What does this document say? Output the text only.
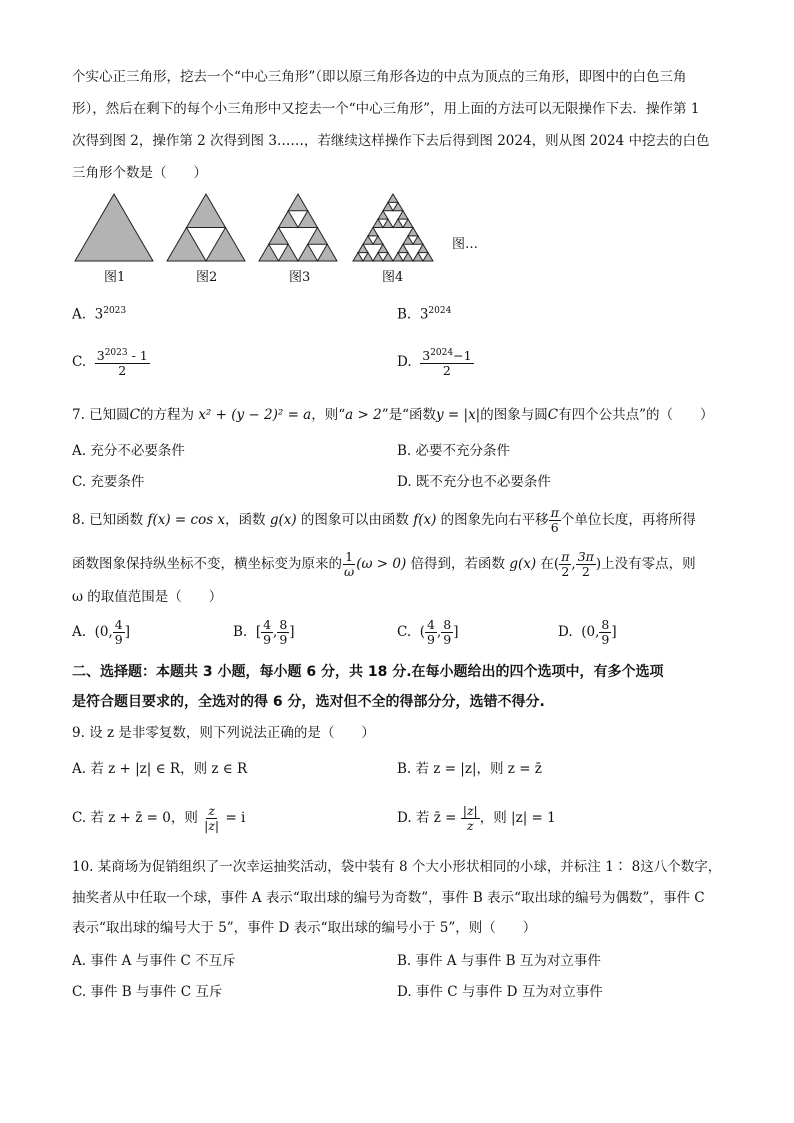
个实心正三角形，挖去一个“中心三角形”（即以原三角形各边的中点为顶点的三角形，即图中的白色三角
形），然后在剩下的每个小三角形中又挖去一个“中心三角形”，用上面的方法可以无限操作下去．操作第 1
次得到图 2，操作第 2 次得到图 3……，若继续这样操作下去后得到图 2024，则从图 2024 中挖去的白色
三角形个数是（　　）
图1	图2	图3	图4
图…
A. $3^{2023}$	B. $3^{2024}$
C. $\frac{3^{2023} - 1}{2}$	D. $\frac{3^{2024}-1}{2}$
7. 已知圆C的方程为 x² + (y − 2)² = a，则“a > 2”是“函数y = |x|的图象与圆C有四个公共点”的（　　）
A. 充分不必要条件	B. 必要不充分条件
C. 充要条件	D. 既不充分也不必要条件
8. 已知函数 f(x) = cos x，函数 g(x) 的图象可以由函数 f(x) 的图象先向右平移 $\frac{\pi}{6}$ 个单位长度，再将所得
函数图象保持纵坐标不变，横坐标变为原来的 $\frac{1}{\omega} (\omega > 0)$ 倍得到，若函数 g(x) 在( $\frac{\pi}{2}$ , $\frac{3\pi}{2}$ )上没有零点，则
ω 的取值范围是（　　）
A. (0, $\frac{4}{9}$ ]	B. [ $\frac{4}{9}$ , $\frac{8}{9}$ ]	C. ( $\frac{4}{9}$ , $\frac{8}{9}$ ]	D. (0, $\frac{8}{9}$ ]
二、选择题：本题共 3 小题，每小题 6 分，共 18 分.在每小题给出的四个选项中，有多个选项
是符合题目要求的，全选对的得 6 分，选对但不全的得部分分，选错不得分.
9. 设 z 是非零复数，则下列说法正确的是（　　）
A. 若 z + |z| ∈ R，则 z ∈ R	B. 若 z = |z|，则 z = z̄
C. 若 z + z̄ = 0，则 $\frac{z}{|z|} = i$	D. 若 z̄ = $\frac{|z|}{z}$ ，则 |z| = 1
10. 某商场为促销组织了一次幸运抽奖活动，袋中装有 8 个大小形状相同的小球，并标注 1∶ 8这八个数字，
抽奖者从中任取一个球，事件 A 表示“取出球的编号为奇数”，事件 B 表示“取出球的编号为偶数”，事件 C
表示“取出球的编号大于 5”，事件 D 表示“取出球的编号小于 5”，则（　　）
A. 事件 A 与事件 C 不互斥	B. 事件 A 与事件 B 互为对立事件
C. 事件 B 与事件 C 互斥	D. 事件 C 与事件 D 互为对立事件
